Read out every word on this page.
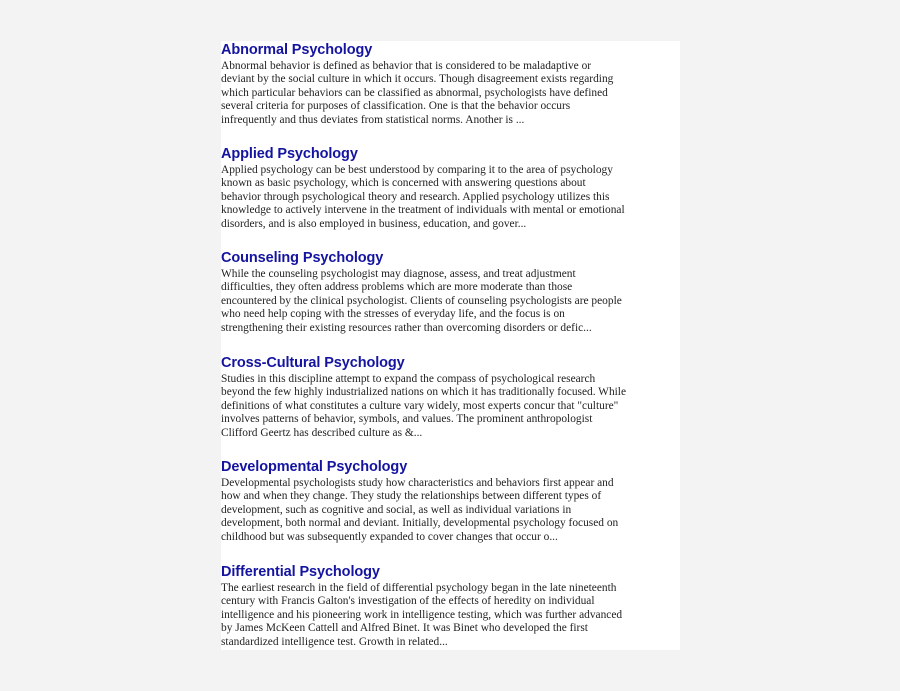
Abnormal Psychology

Abnormal behavior is defined as behavior that is considered to be maladaptive or
deviant by the social culture in which it occurs. Though disagreement exists regarding
which particular behaviors can be classified as abnormal, psychologists have defined
several criteria for purposes of classification. One is that the behavior occurs
infrequently and thus deviates from statistical norms. Another is ...

Applied Psychology

Applied psychology can be best understood by comparing it to the area of psychology
known as basic psychology, which is concerned with answering questions about
behavior through psychological theory and research. Applied psychology utilizes this
knowledge to actively intervene in the treatment of individuals with mental or emotional
disorders, and is also employed in business, education, and gover...

Counseling Psychology

While the counseling psychologist may diagnose, assess, and treat adjustment
difficulties, they often address problems which are more moderate than those
encountered by the clinical psychologist. Clients of counseling psychologists are people
who need help coping with the stresses of everyday life, and the focus is on
strengthening their existing resources rather than overcoming disorders or defic...

Cross-Cultural Psychology

Studies in this discipline attempt to expand the compass of psychological research
beyond the few highly industrialized nations on which it has traditionally focused. While
definitions of what constitutes a culture vary widely, most experts concur that "culture"
involves patterns of behavior, symbols, and values. The prominent anthropologist
Clifford Geertz has described culture as &...

Developmental Psychology

Developmental psychologists study how characteristics and behaviors first appear and
how and when they change. They study the relationships between different types of
development, such as cognitive and social, as well as individual variations in
development, both normal and deviant. Initially, developmental psychology focused on
childhood but was subsequently expanded to cover changes that occur o...

Differential Psychology

The earliest research in the field of differential psychology began in the late nineteenth
century with Francis Galton's investigation of the effects of heredity on individual
intelligence and his pioneering work in intelligence testing, which was further advanced
by James McKeen Cattell and Alfred Binet. It was Binet who developed the first
standardized intelligence test. Growth in related...
